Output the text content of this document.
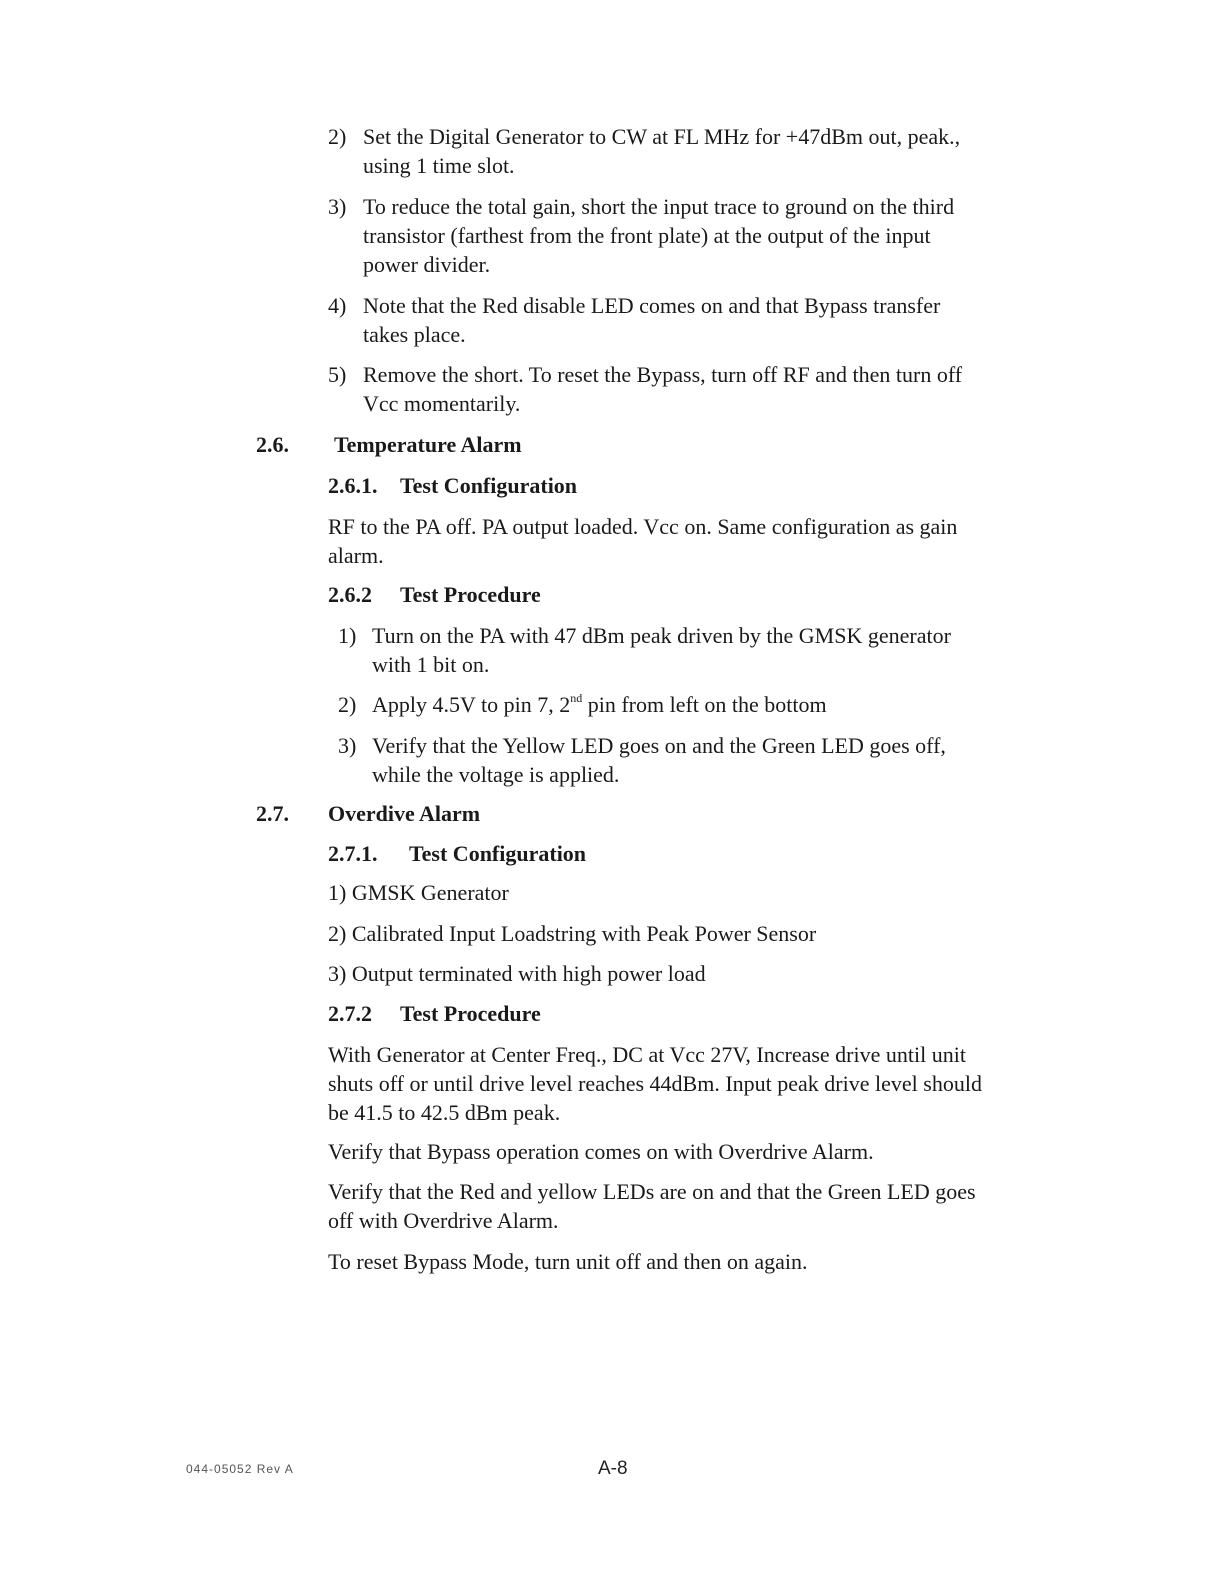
2) Set the Digital Generator to CW at FL MHz for +47dBm out, peak.,
using 1 time slot.
3) To reduce the total gain, short the input trace to ground on the third
transistor (farthest from the front plate) at the output of the input
power divider.
4) Note that the Red disable LED comes on and that Bypass transfer
takes place.
5) Remove the short. To reset the Bypass, turn off RF and then turn off
Vcc momentarily.
2.6. Temperature Alarm
2.6.1. Test Configuration
RF to the PA off. PA output loaded. Vcc on. Same configuration as gain
alarm.
2.6.2 Test Procedure
1) Turn on the PA with 47 dBm peak driven by the GMSK generator
with 1 bit on.
2) Apply 4.5V to pin 7, 2nd pin from left on the bottom
3) Verify that the Yellow LED goes on and the Green LED goes off,
while the voltage is applied.
2.7. Overdive Alarm
2.7.1. Test Configuration
1) GMSK Generator
2) Calibrated Input Loadstring with Peak Power Sensor
3) Output terminated with high power load
2.7.2 Test Procedure
With Generator at Center Freq., DC at Vcc 27V, Increase drive until unit
shuts off or until drive level reaches 44dBm. Input peak drive level should
be 41.5 to 42.5 dBm peak.
Verify that Bypass operation comes on with Overdrive Alarm.
Verify that the Red and yellow LEDs are on and that the Green LED goes
off with Overdrive Alarm.
To reset Bypass Mode, turn unit off and then on again.
044-05052 Rev A	A-8
